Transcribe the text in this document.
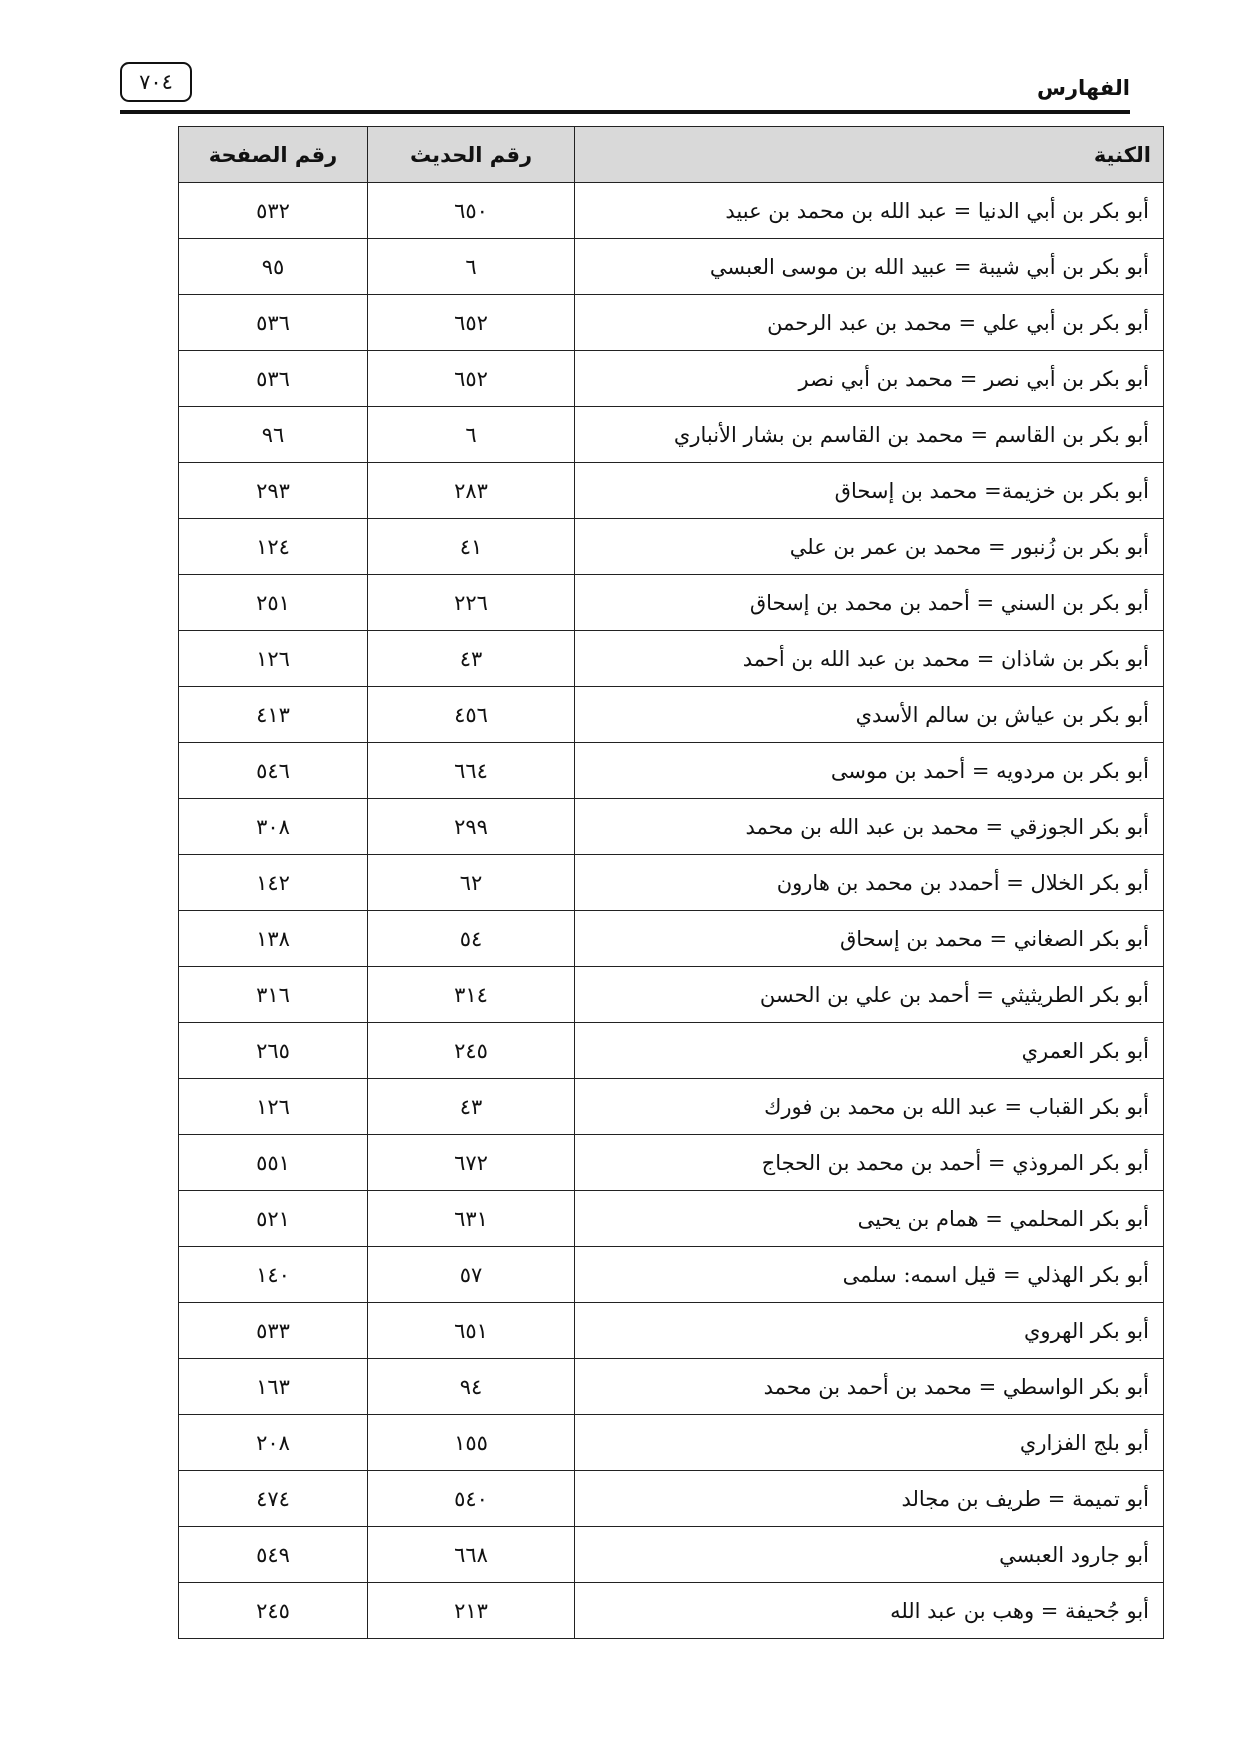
الفهارس
٧٠٤
الكنية	رقم الحديث	رقم الصفحة
أبو بكر بن أبي الدنيا = عبد الله بن محمد بن عبيد	٦٥٠	٥٣٢
أبو بكر بن أبي شيبة = عبيد الله بن موسى العبسي	٦	٩٥
أبو بكر بن أبي علي = محمد بن عبد الرحمن	٦٥٢	٥٣٦
أبو بكر بن أبي نصر = محمد بن أبي نصر	٦٥٢	٥٣٦
أبو بكر بن القاسم = محمد بن القاسم بن بشار الأنباري	٦	٩٦
أبو بكر بن خزيمة= محمد بن إسحاق	٢٨٣	٢٩٣
أبو بكر بن زُنبور = محمد بن عمر بن علي	٤١	١٢٤
أبو بكر بن السني = أحمد بن محمد بن إسحاق	٢٢٦	٢٥١
أبو بكر بن شاذان = محمد بن عبد الله بن أحمد	٤٣	١٢٦
أبو بكر بن عياش بن سالم الأسدي	٤٥٦	٤١٣
أبو بكر بن مردويه = أحمد بن موسى	٦٦٤	٥٤٦
أبو بكر الجوزقي = محمد بن عبد الله بن محمد	٢٩٩	٣٠٨
أبو بكر الخلال = أحمدد بن محمد بن هارون	٦٢	١٤٢
أبو بكر الصغاني = محمد بن إسحاق	٥٤	١٣٨
أبو بكر الطريثيثي = أحمد بن علي بن الحسن	٣١٤	٣١٦
أبو بكر العمري	٢٤٥	٢٦٥
أبو بكر القباب = عبد الله بن محمد بن فورك	٤٣	١٢٦
أبو بكر المروذي = أحمد بن محمد بن الحجاج	٦٧٢	٥٥١
أبو بكر المحلمي = همام بن يحيى	٦٣١	٥٢١
أبو بكر الهذلي = قيل اسمه: سلمى	٥٧	١٤٠
أبو بكر الهروي	٦٥١	٥٣٣
أبو بكر الواسطي = محمد بن أحمد بن محمد	٩٤	١٦٣
أبو بلج الفزاري	١٥٥	٢٠٨
أبو تميمة = طريف بن مجالد	٥٤٠	٤٧٤
أبو جارود العبسي	٦٦٨	٥٤٩
أبو جُحيفة = وهب بن عبد الله	٢١٣	٢٤٥
